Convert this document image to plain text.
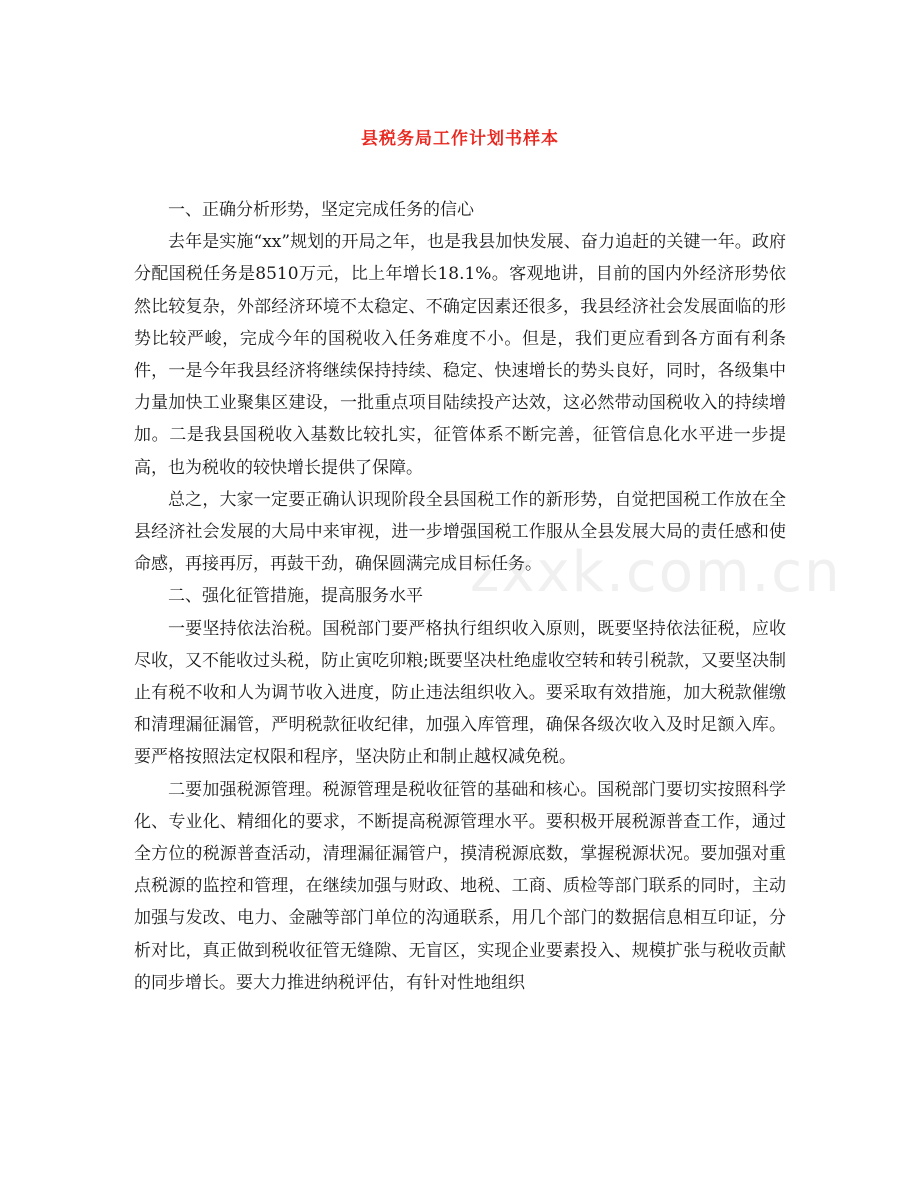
zxxk.com.cn
县税务局工作计划书样本

一、正确分析形势，坚定完成任务的信心

去年是实施“xx”规划的开局之年，也是我县加快发展、奋力追赶的关键一年。政府分配国税任务是8510万元，比上年增长18.1%。客观地讲，目前的国内外经济形势依然比较复杂，外部经济环境不太稳定、不确定因素还很多，我县经济社会发展面临的形势比较严峻，完成今年的国税收入任务难度不小。但是，我们更应看到各方面有利条件，一是今年我县经济将继续保持持续、稳定、快速增长的势头良好，同时，各级集中力量加快工业聚集区建设，一批重点项目陆续投产达效，这必然带动国税收入的持续增加。二是我县国税收入基数比较扎实，征管体系不断完善，征管信息化水平进一步提高，也为税收的较快增长提供了保障。

总之，大家一定要正确认识现阶段全县国税工作的新形势，自觉把国税工作放在全县经济社会发展的大局中来审视，进一步增强国税工作服从全县发展大局的责任感和使命感，再接再厉，再鼓干劲，确保圆满完成目标任务。

二、强化征管措施，提高服务水平

一要坚持依法治税。国税部门要严格执行组织收入原则，既要坚持依法征税，应收尽收，又不能收过头税，防止寅吃卯粮;既要坚决杜绝虚收空转和转引税款，又要坚决制止有税不收和人为调节收入进度，防止违法组织收入。要采取有效措施，加大税款催缴和清理漏征漏管，严明税款征收纪律，加强入库管理，确保各级次收入及时足额入库。要严格按照法定权限和程序，坚决防止和制止越权减免税。

二要加强税源管理。税源管理是税收征管的基础和核心。国税部门要切实按照科学化、专业化、精细化的要求，不断提高税源管理水平。要积极开展税源普查工作，通过全方位的税源普查活动，清理漏征漏管户，摸清税源底数，掌握税源状况。要加强对重点税源的监控和管理，在继续加强与财政、地税、工商、质检等部门联系的同时，主动加强与发改、电力、金融等部门单位的沟通联系，用几个部门的数据信息相互印证，分析对比，真正做到税收征管无缝隙、无盲区，实现企业要素投入、规模扩张与税收贡献的同步增长。要大力推进纳税评估，有针对性地组织
